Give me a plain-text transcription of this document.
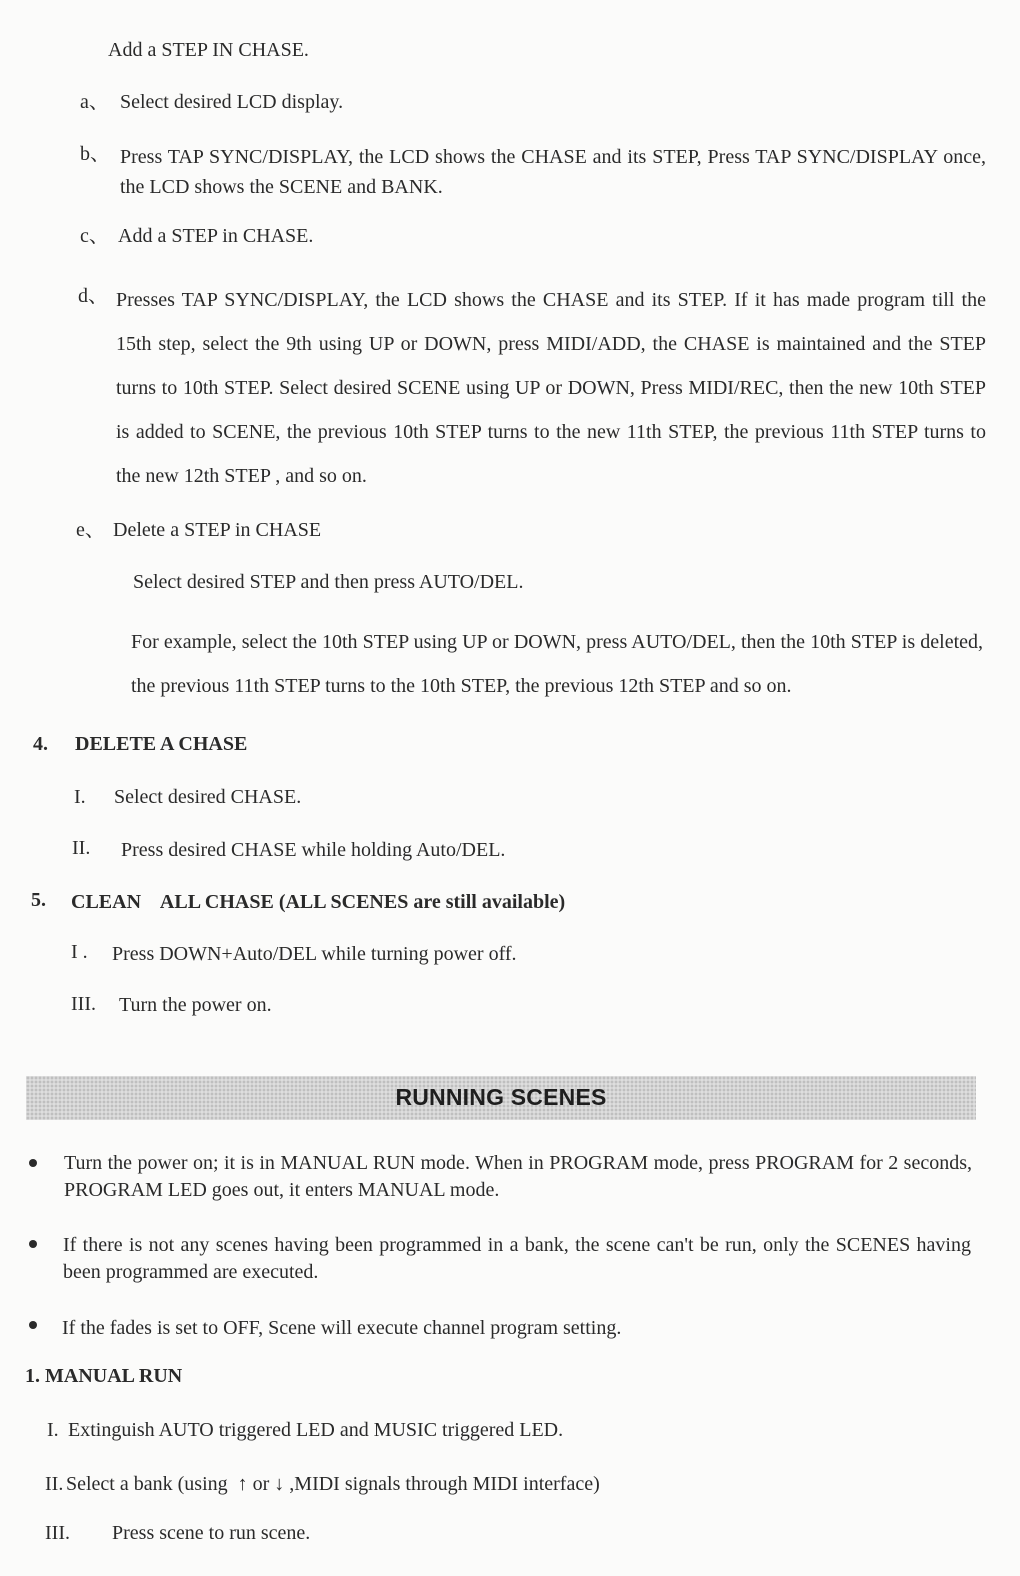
Add a STEP IN CHASE.
a、 Select desired LCD display.
b、 Press TAP SYNC/DISPLAY, the LCD shows the CHASE and its STEP, Press TAP SYNC/DISPLAY once, the LCD shows the SCENE and BANK.
c、 Add a STEP in CHASE.
d、 Presses TAP SYNC/DISPLAY, the LCD shows the CHASE and its STEP. If it has made program till the 15th step, select the 9th using UP or DOWN, press MIDI/ADD, the CHASE is maintained and the STEP turns to 10th STEP. Select desired SCENE using UP or DOWN, Press MIDI/REC, then the new 10th STEP is added to SCENE, the previous 10th STEP turns to the new 11th STEP, the previous 11th STEP turns to the new 12th STEP , and so on.
e、 Delete a STEP in CHASE
Select desired STEP and then press AUTO/DEL.
For example, select the 10th STEP using UP or DOWN, press AUTO/DEL, then the 10th STEP is deleted, the previous 11th STEP turns to the 10th STEP, the previous 12th STEP and so on.
4. DELETE A CHASE
I. Select desired CHASE.
II. Press desired CHASE while holding Auto/DEL.
5. CLEAN    ALL CHASE (ALL SCENES are still available)
I . Press DOWN+Auto/DEL while turning power off.
III. Turn the power on.
RUNNING SCENES
Turn the power on; it is in MANUAL RUN mode. When in PROGRAM mode, press PROGRAM for 2 seconds, PROGRAM LED goes out, it enters MANUAL mode.
If there is not any scenes having been programmed in a bank, the scene can't be run, only the SCENES having been programmed are executed.
If the fades is set to OFF, Scene will execute channel program setting.
1. MANUAL RUN
I. Extinguish AUTO triggered LED and MUSIC triggered LED.
II. Select a bank (using  ↑ or ↓ ,MIDI signals through MIDI interface)
III. Press scene to run scene.
